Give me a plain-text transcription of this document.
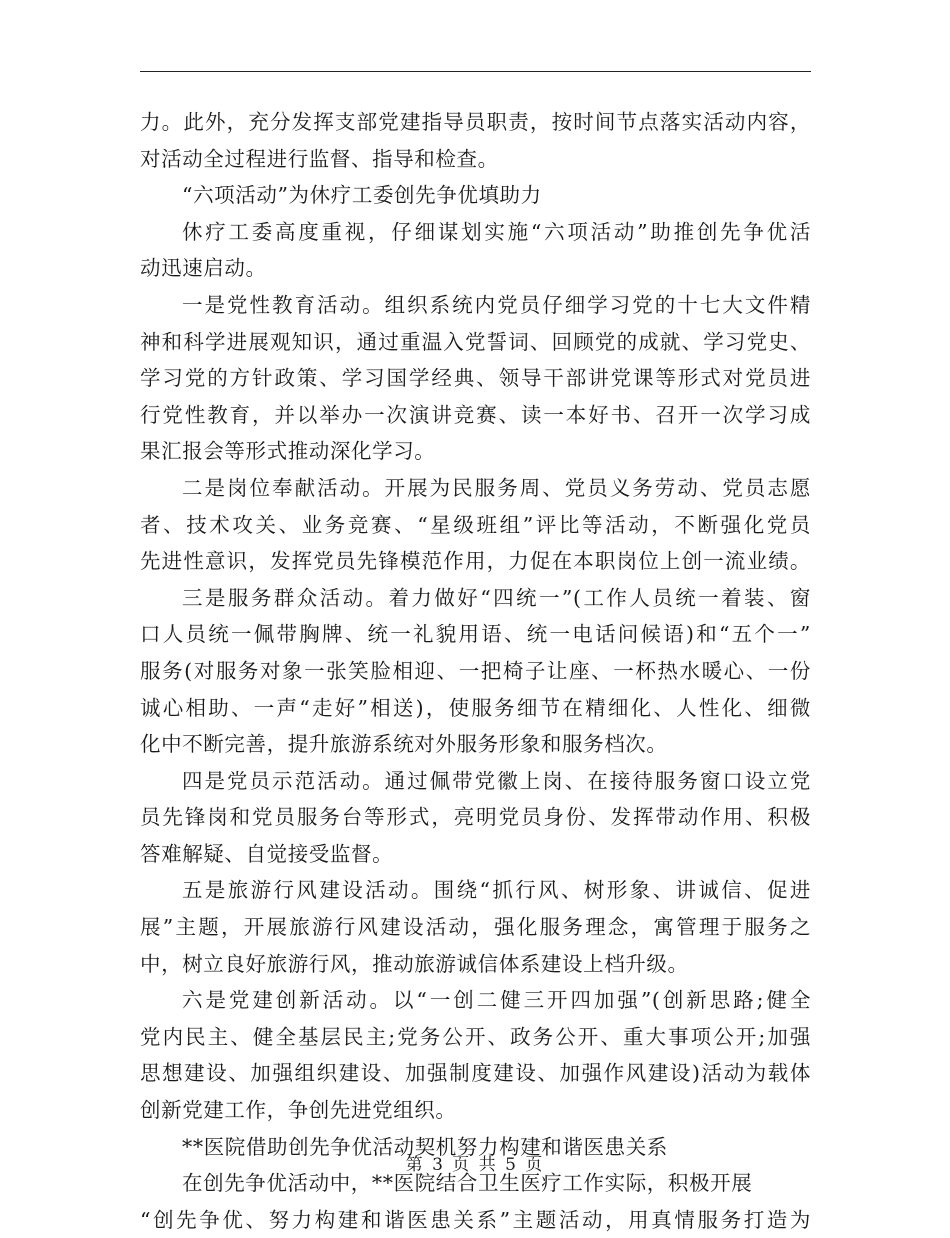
力。此外，充分发挥支部党建指导员职责，按时间节点落实活动内容，
对活动全过程进行监督、指导和检查。
“六项活动”为休疗工委创先争优填助力
休疗工委高度重视，仔细谋划实施“六项活动”助推创先争优活
动迅速启动。
一是党性教育活动。组织系统内党员仔细学习党的十七大文件精
神和科学进展观知识，通过重温入党誓词、回顾党的成就、学习党史、
学习党的方针政策、学习国学经典、领导干部讲党课等形式对党员进
行党性教育，并以举办一次演讲竞赛、读一本好书、召开一次学习成
果汇报会等形式推动深化学习。
二是岗位奉献活动。开展为民服务周、党员义务劳动、党员志愿
者、技术攻关、业务竞赛、“星级班组”评比等活动，不断强化党员
先进性意识，发挥党员先锋模范作用，力促在本职岗位上创一流业绩。
三是服务群众活动。着力做好“四统一”(工作人员统一着装、窗
口人员统一佩带胸牌、统一礼貌用语、统一电话问候语)和“五个一”
服务(对服务对象一张笑脸相迎、一把椅子让座、一杯热水暖心、一份
诚心相助、一声“走好”相送)，使服务细节在精细化、人性化、细微
化中不断完善，提升旅游系统对外服务形象和服务档次。
四是党员示范活动。通过佩带党徽上岗、在接待服务窗口设立党
员先锋岗和党员服务台等形式，亮明党员身份、发挥带动作用、积极
答难解疑、自觉接受监督。
五是旅游行风建设活动。围绕“抓行风、树形象、讲诚信、促进
展”主题，开展旅游行风建设活动，强化服务理念，寓管理于服务之
中，树立良好旅游行风，推动旅游诚信体系建设上档升级。
六是党建创新活动。以“一创二健三开四加强”(创新思路;健全
党内民主、健全基层民主;党务公开、政务公开、重大事项公开;加强
思想建设、加强组织建设、加强制度建设、加强作风建设)活动为载体
创新党建工作，争创先进党组织。
**医院借助创先争优活动契机努力构建和谐医患关系
在创先争优活动中，**医院结合卫生医疗工作实际，积极开展
“创先争优、努力构建和谐医患关系”主题活动，用真情服务打造为
第 3 页 共 5 页
